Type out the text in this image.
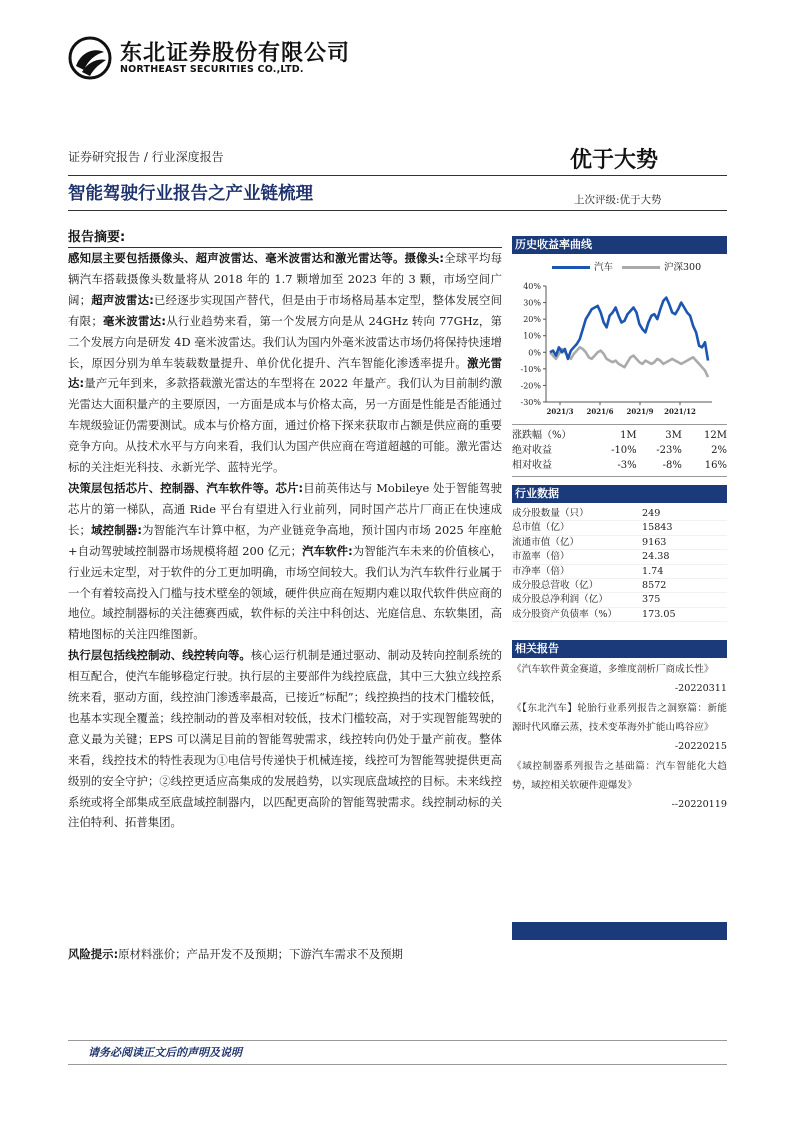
东北证券股份有限公司
NORTHEAST SECURITIES CO.,LTD.
证券研究报告 / 行业深度报告	优于大势
智能驾驶行业报告之产业链梳理	上次评级:优于大势
报告摘要:
感知层主要包括摄像头、超声波雷达、毫米波雷达和激光雷达等。摄像头:全球平均每辆汽车搭载摄像头数量将从 2018 年的 1.7 颗增加至 2023 年的 3 颗，市场空间广阔；超声波雷达:已经逐步实现国产替代，但是由于市场格局基本定型，整体发展空间有限；毫米波雷达:从行业趋势来看，第一个发展方向是从 24GHz 转向 77GHz，第二个发展方向是研发 4D 毫米波雷达。我们认为国内外毫米波雷达市场仍将保持快速增长，原因分别为单车装载数量提升、单价优化提升、汽车智能化渗透率提升。激光雷达:量产元年到来，多款搭载激光雷达的车型将在 2022 年量产。我们认为目前制约激光雷达大面积量产的主要原因，一方面是成本与价格太高，另一方面是性能是否能通过车规级验证仍需要测试。成本与价格方面，通过价格下探来获取市占额是供应商的重要竞争方向。从技术水平与方向来看，我们认为国产供应商在弯道超越的可能。激光雷达标的关注炬光科技、永新光学、蓝特光学。
决策层包括芯片、控制器、汽车软件等。芯片:目前英伟达与 Mobileye 处于智能驾驶芯片的第一梯队，高通 Ride 平台有望进入行业前列，同时国产芯片厂商正在快速成长；域控制器:为智能汽车计算中枢，为产业链竞争高地，预计国内市场 2025 年座舱+自动驾驶域控制器市场规模将超 200 亿元；汽车软件:为智能汽车未来的价值核心，行业远未定型，对于软件的分工更加明确，市场空间较大。我们认为汽车软件行业属于一个有着较高投入门槛与技术壁垒的领域，硬件供应商在短期内难以取代软件供应商的地位。域控制器标的关注德赛西威，软件标的关注中科创达、光庭信息、东软集团，高精地图标的关注四维图新。
执行层包括线控制动、线控转向等。核心运行机制是通过驱动、制动及转向控制系统的相互配合，使汽车能够稳定行驶。执行层的主要部件为线控底盘，其中三大独立线控系统来看，驱动方面，线控油门渗透率最高，已接近“标配”；线控换挡的技术门槛较低，也基本实现全覆盖；线控制动的普及率相对较低，技术门槛较高，对于实现智能驾驶的意义最为关键；EPS 可以满足目前的智能驾驶需求，线控转向仍处于量产前夜。整体来看，线控技术的特性表现为①电信号传递快于机械连接，线控可为智能驾驶提供更高级别的安全守护；②线控更适应高集成的发展趋势，以实现底盘域控的目标。未来线控系统或将全部集成至底盘域控制器内，以匹配更高阶的智能驾驶需求。线控制动标的关注伯特利、拓普集团。
风险提示:原材料涨价；产品开发不及预期；下游汽车需求不及预期
历史收益率曲线
汽车	沪深300
40%
30%
20%
10%
0%
-10%
-20%
-30%
2021/3 2021/6 2021/9 2021/12
涨跌幅（%）	1M	3M	12M
绝对收益	-10%	-23%	2%
相对收益	-3%	-8%	16%
行业数据
成分股数量（只）	249
总市值（亿）	15843
流通市值（亿）	9163
市盈率（倍）	24.38
市净率（倍）	1.74
成分股总营收（亿）	8572
成分股总净利润（亿）	375
成分股资产负债率（%）	173.05
相关报告
《汽车软件黄金赛道，多维度剖析厂商成长性》
-20220311
《【东北汽车】轮胎行业系列报告之洞察篇：新能源时代风靡云蒸，技术变革海外扩能山鸣谷应》
-20220215
《域控制器系列报告之基础篇：汽车智能化大趋势，域控相关软硬件迎爆发》
--20220119
请务必阅读正文后的声明及说明
